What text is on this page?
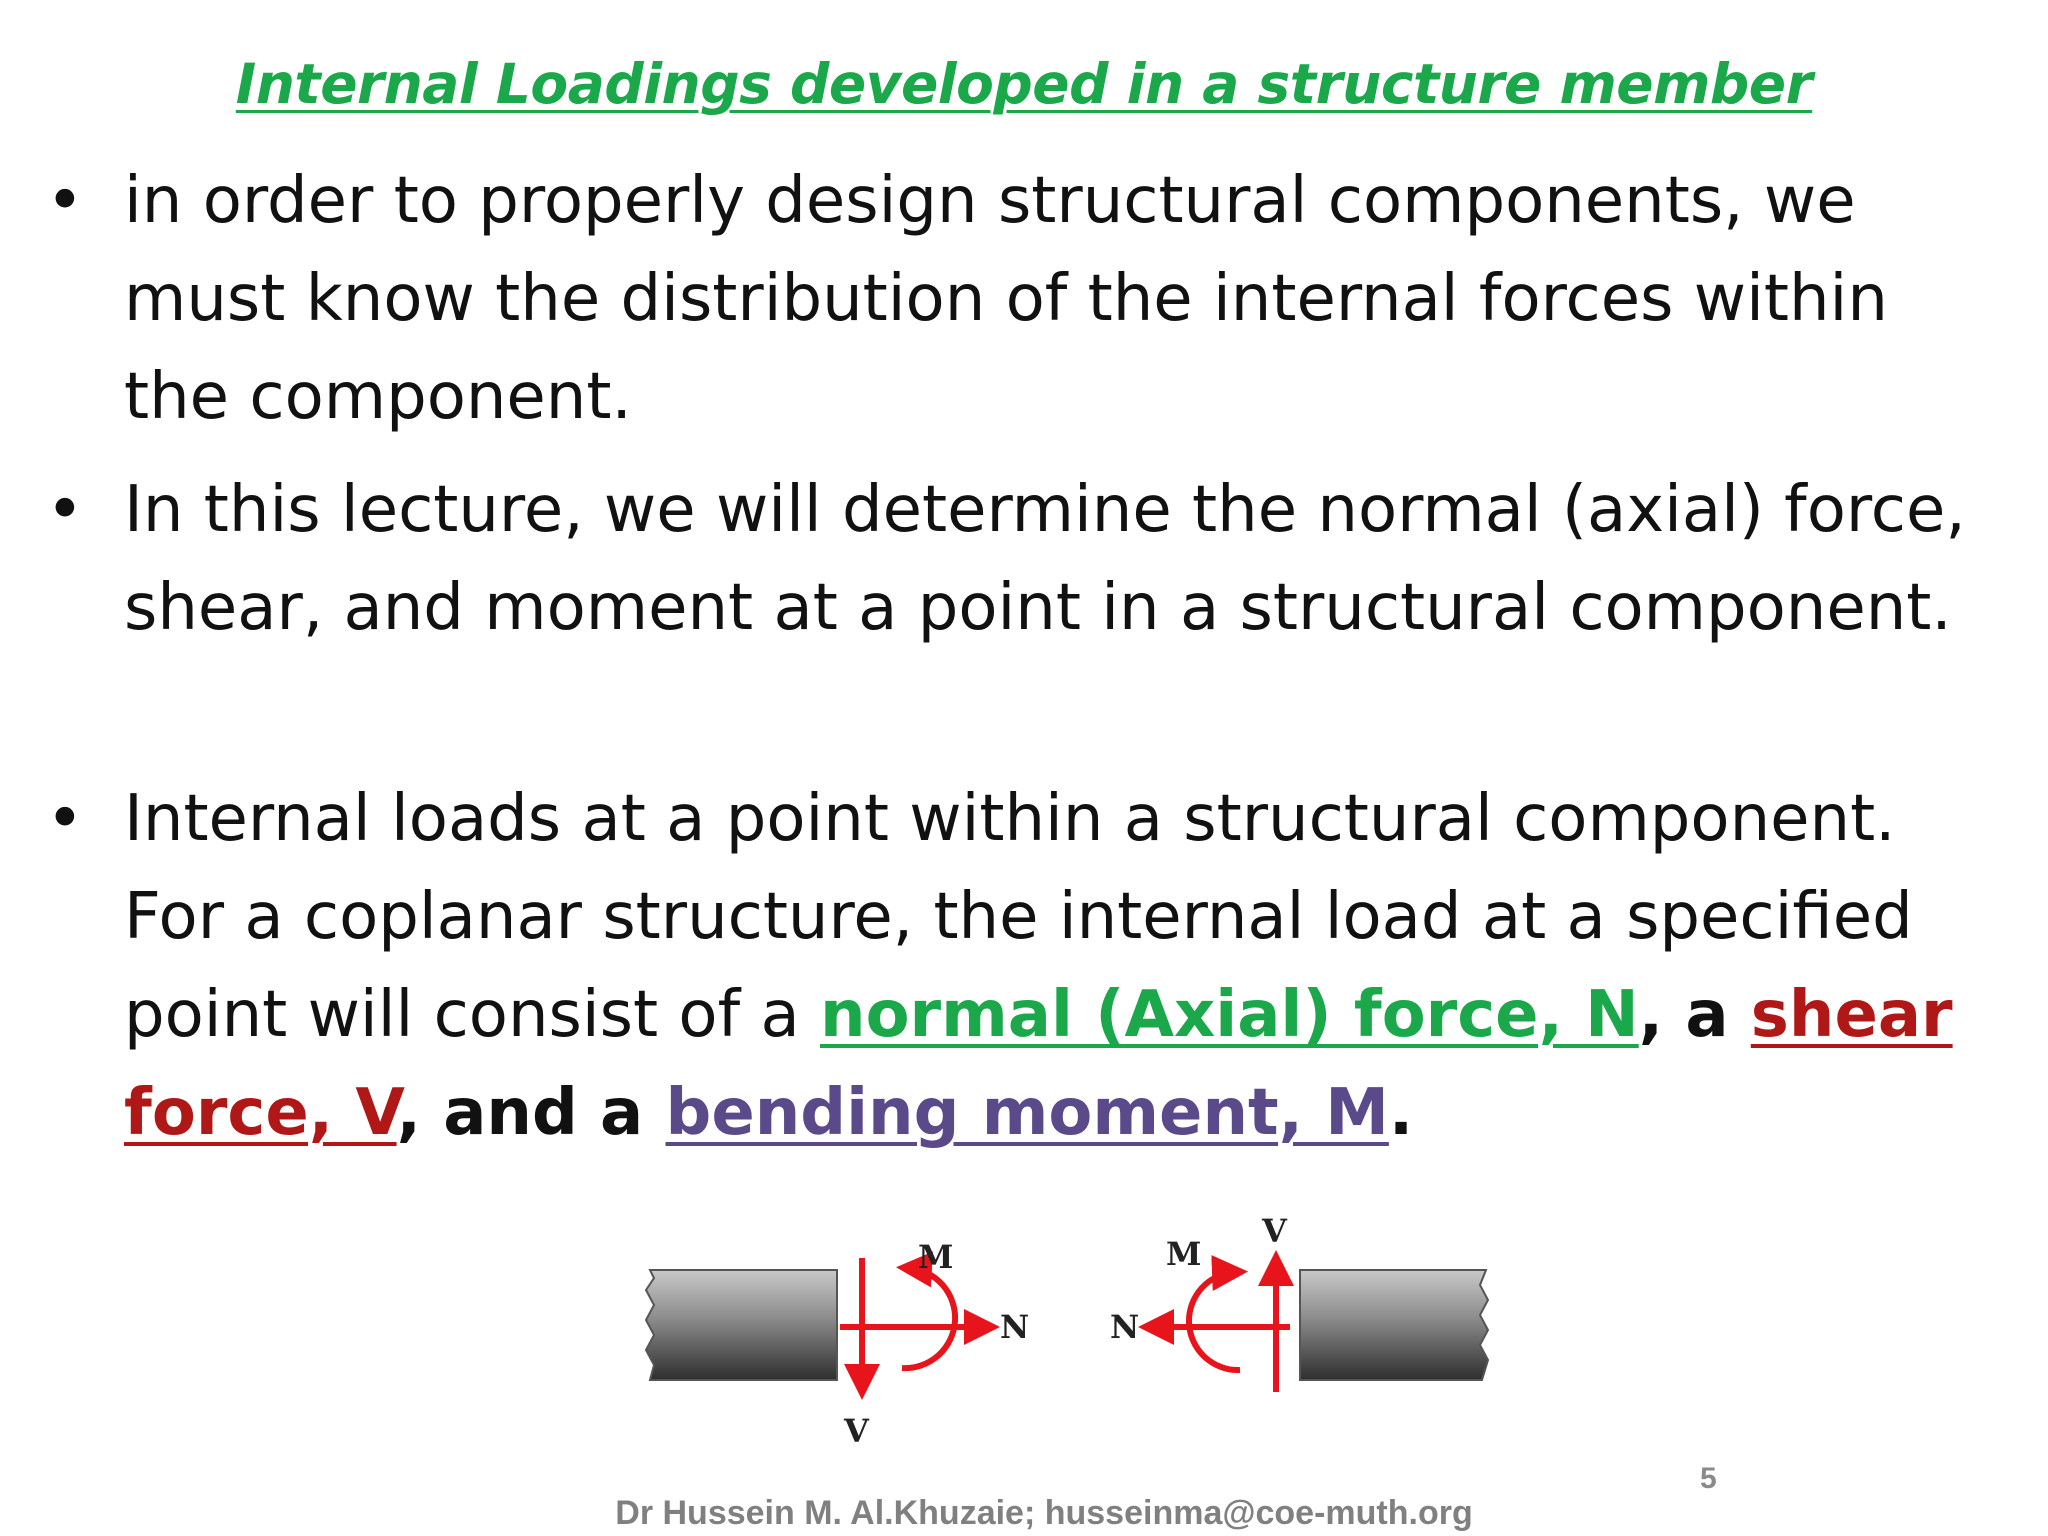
Internal Loadings developed in a structure member
• in order to properly design structural components, we must know the distribution of the internal forces within the component.
• In this lecture, we will determine the normal (axial) force, shear, and moment at a point in a structural component.
• Internal loads at a point within a structural component. For a coplanar structure, the internal load at a specified point will consist of a normal (Axial) force, N, a shear force, V, and a bending moment, M.
M
N
V
M
N
V
5
Dr Hussein M. Al.Khuzaie; husseinma@coe-muth.org
